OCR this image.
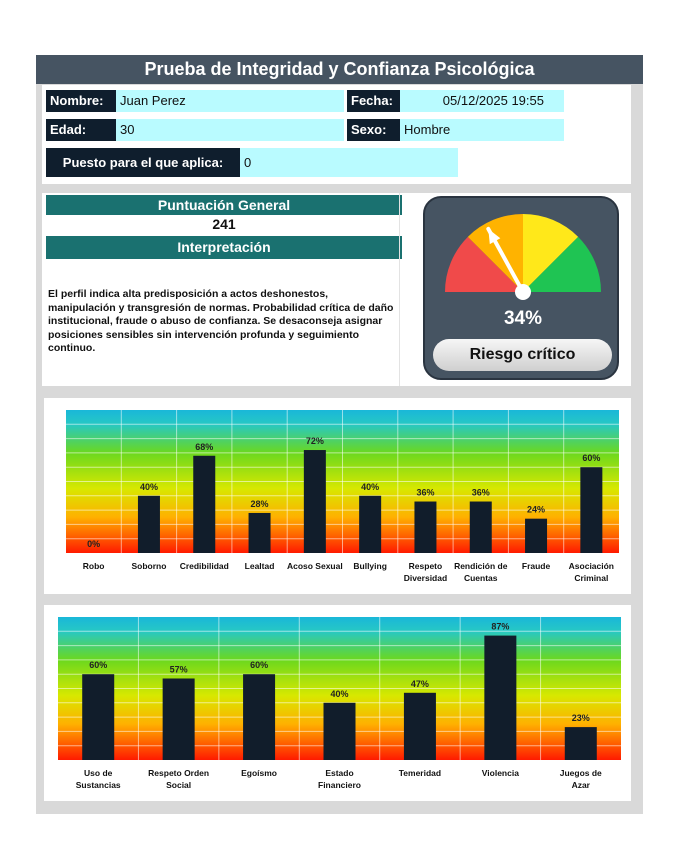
Prueba de Integridad y Confianza Psicológica
Nombre:	Juan Perez	Fecha:	05/12/2025 19:55
Edad:	30	Sexo:	Hombre
Puesto para el que aplica:	0
Puntuación General
241
Interpretación
El perfil indica alta predisposición a actos deshonestos, manipulación y transgresión de normas. Probabilidad crítica de daño institucional, fraude o abuso de confianza. Se desaconseja asignar posiciones sensibles sin intervención profunda y seguimiento continuo.
34%
Riesgo crítico
0%
Robo
40%
Soborno
68%
Credibilidad
28%
Lealtad
72%
Acoso Sexual
40%
Bullying
36%
Respeto
Diversidad
36%
Rendición de
Cuentas
24%
Fraude
60%
Asociación
Criminal
60%
Uso de
Sustancias
57%
Respeto Orden
Social
60%
Egoísmo
40%
Estado
Financiero
47%
Temeridad
87%
Violencia
23%
Juegos de
Azar
